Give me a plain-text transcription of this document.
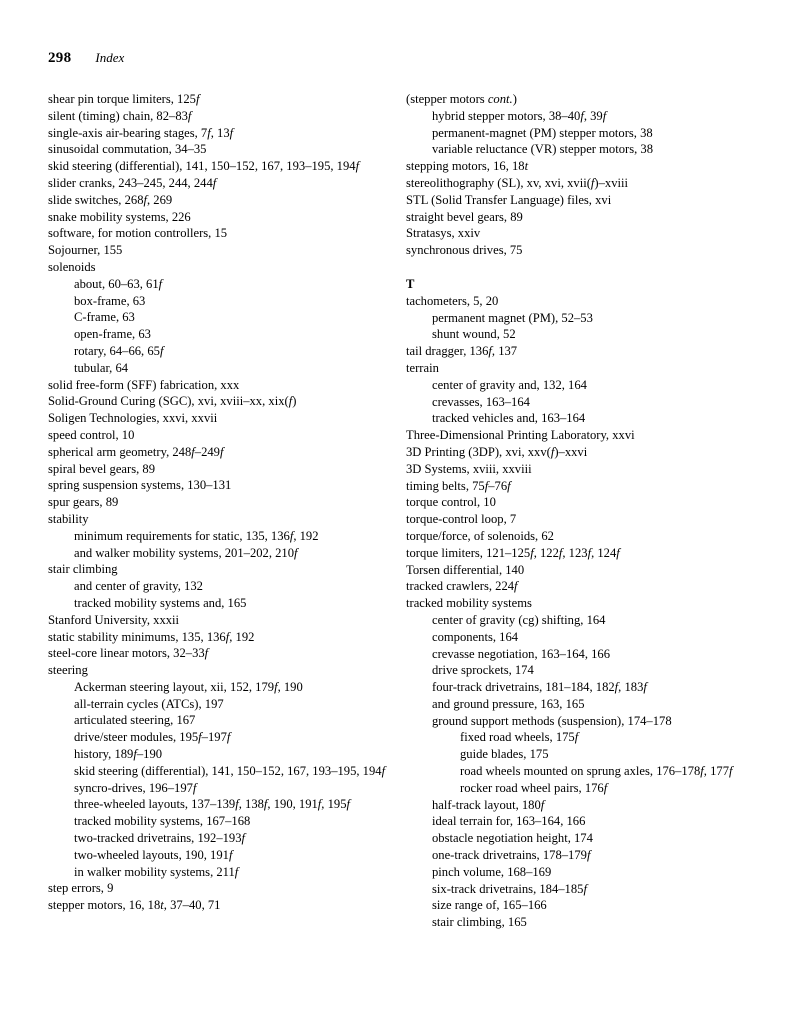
298 Index
shear pin torque limiters, 125f
silent (timing) chain, 82–83f
single-axis air-bearing stages, 7f, 13f
sinusoidal commutation, 34–35
skid steering (differential), 141, 150–152, 167, 193–195, 194f
slider cranks, 243–245, 244, 244f
slide switches, 268f, 269
snake mobility systems, 226
software, for motion controllers, 15
Sojourner, 155
solenoids
about, 60–63, 61f
box-frame, 63
C-frame, 63
open-frame, 63
rotary, 64–66, 65f
tubular, 64
solid free-form (SFF) fabrication, xxx
Solid-Ground Curing (SGC), xvi, xviii–xx, xix(f)
Soligen Technologies, xxvi, xxvii
speed control, 10
spherical arm geometry, 248f–249f
spiral bevel gears, 89
spring suspension systems, 130–131
spur gears, 89
stability
minimum requirements for static, 135, 136f, 192
and walker mobility systems, 201–202, 210f
stair climbing
and center of gravity, 132
tracked mobility systems and, 165
Stanford University, xxxii
static stability minimums, 135, 136f, 192
steel-core linear motors, 32–33f
steering
Ackerman steering layout, xii, 152, 179f, 190
all-terrain cycles (ATCs), 197
articulated steering, 167
drive/steer modules, 195f–197f
history, 189f–190
skid steering (differential), 141, 150–152, 167, 193–195, 194f
syncro-drives, 196–197f
three-wheeled layouts, 137–139f, 138f, 190, 191f, 195f
tracked mobility systems, 167–168
two-tracked drivetrains, 192–193f
two-wheeled layouts, 190, 191f
in walker mobility systems, 211f
step errors, 9
stepper motors, 16, 18t, 37–40, 71
(stepper motors cont.)
hybrid stepper motors, 38–40f, 39f
permanent-magnet (PM) stepper motors, 38
variable reluctance (VR) stepper motors, 38
stepping motors, 16, 18t
stereolithography (SL), xv, xvi, xvii(f)–xviii
STL (Solid Transfer Language) files, xvi
straight bevel gears, 89
Stratasys, xxiv
synchronous drives, 75
T
tachometers, 5, 20
permanent magnet (PM), 52–53
shunt wound, 52
tail dragger, 136f, 137
terrain
center of gravity and, 132, 164
crevasses, 163–164
tracked vehicles and, 163–164
Three-Dimensional Printing Laboratory, xxvi
3D Printing (3DP), xvi, xxv(f)–xxvi
3D Systems, xviii, xxviii
timing belts, 75f–76f
torque control, 10
torque-control loop, 7
torque/force, of solenoids, 62
torque limiters, 121–125f, 122f, 123f, 124f
Torsen differential, 140
tracked crawlers, 224f
tracked mobility systems
center of gravity (cg) shifting, 164
components, 164
crevasse negotiation, 163–164, 166
drive sprockets, 174
four-track drivetrains, 181–184, 182f, 183f
and ground pressure, 163, 165
ground support methods (suspension), 174–178
fixed road wheels, 175f
guide blades, 175
road wheels mounted on sprung axles, 176–178f, 177f
rocker road wheel pairs, 176f
half-track layout, 180f
ideal terrain for, 163–164, 166
obstacle negotiation height, 174
one-track drivetrains, 178–179f
pinch volume, 168–169
six-track drivetrains, 184–185f
size range of, 165–166
stair climbing, 165
